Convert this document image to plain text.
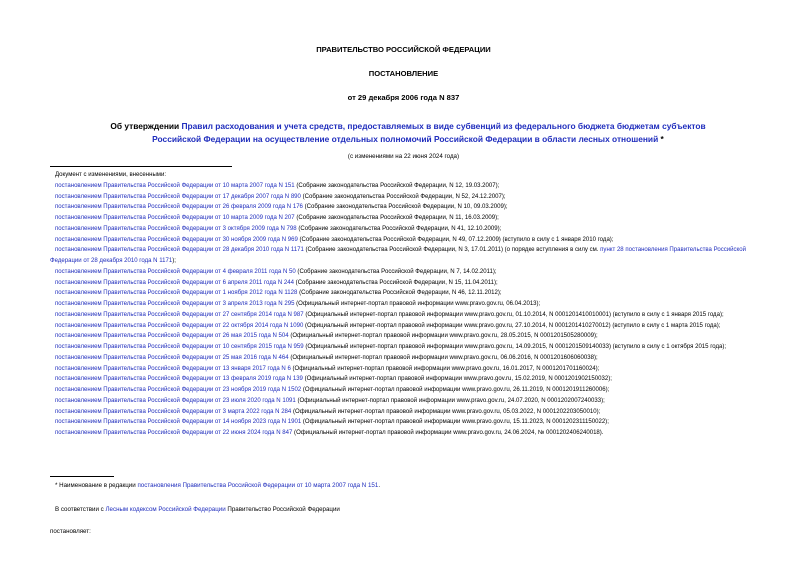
ПРАВИТЕЛЬСТВО РОССИЙСКОЙ ФЕДЕРАЦИИ
ПОСТАНОВЛЕНИЕ
от 29 декабря 2006 года N 837
Об утверждении Правил расходования и учета средств, предоставляемых в виде субвенций из федерального бюджета бюджетам субъектов Российской Федерации на осуществление отдельных полномочий Российской Федерации в области лесных отношений *
(с изменениями на 22 июня 2024 года)
Документ с изменениями, внесенными:
постановлением Правительства Российской Федерации от 10 марта 2007 года N 151 (Собрание законодательства Российской Федерации, N 12, 19.03.2007);
постановлением Правительства Российской Федерации от 17 декабря 2007 года N 890 (Собрание законодательства Российской Федерации, N 52, 24.12.2007);
постановлением Правительства Российской Федерации от 26 февраля 2009 года N 176 (Собрание законодательства Российской Федерации, N 10, 09.03.2009);
постановлением Правительства Российской Федерации от 10 марта 2009 года N 207 (Собрание законодательства Российской Федерации, N 11, 16.03.2009);
постановлением Правительства Российской Федерации от 3 октября 2009 года N 798 (Собрание законодательства Российской Федерации, N 41, 12.10.2009);
постановлением Правительства Российской Федерации от 30 ноября 2009 года N 969 (Собрание законодательства Российской Федерации, N 49, 07.12.2009) (вступило в силу с 1 января 2010 года);
постановлением Правительства Российской Федерации от 28 декабря 2010 года N 1171 (Собрание законодательства Российской Федерации, N 3, 17.01.2011) (о порядке вступления в силу см. пункт 28 постановления Правительства Российской Федерации от 28 декабря 2010 года N 1171);
постановлением Правительства Российской Федерации от 4 февраля 2011 года N 50 (Собрание законодательства Российской Федерации, N 7, 14.02.2011);
постановлением Правительства Российской Федерации от 6 апреля 2011 года N 244 (Собрание законодательства Российской Федерации, N 15, 11.04.2011);
постановлением Правительства Российской Федерации от 1 ноября 2012 года N 1128 (Собрание законодательства Российской Федерации, N 46, 12.11.2012);
постановлением Правительства Российской Федерации от 3 апреля 2013 года N 295 (Официальный интернет-портал правовой информации www.pravo.gov.ru, 06.04.2013);
постановлением Правительства Российской Федерации от 27 сентября 2014 года N 987 (Официальный интернет-портал правовой информации www.pravo.gov.ru, 01.10.2014, N 0001201410010001) (вступило в силу с 1 января 2015 года);
постановлением Правительства Российской Федерации от 22 октября 2014 года N 1090 (Официальный интернет-портал правовой информации www.pravo.gov.ru, 27.10.2014, N 0001201410270012) (вступило в силу с 1 марта 2015 года);
постановлением Правительства Российской Федерации от 26 мая 2015 года N 504 (Официальный интернет-портал правовой информации www.pravo.gov.ru, 28.05.2015, N 0001201505280009);
постановлением Правительства Российской Федерации от 10 сентября 2015 года N 959 (Официальный интернет-портал правовой информации www.pravo.gov.ru, 14.09.2015, N 0001201509140033) (вступило в силу с 1 октября 2015 года);
постановлением Правительства Российской Федерации от 25 мая 2016 года N 464 (Официальный интернет-портал правовой информации www.pravo.gov.ru, 06.06.2016, N 0001201606060038);
постановлением Правительства Российской Федерации от 13 января 2017 года N 6 (Официальный интернет-портал правовой информации www.pravo.gov.ru, 16.01.2017, N 0001201701160024);
постановлением Правительства Российской Федерации от 13 февраля 2019 года N 139 (Официальный интернет-портал правовой информации www.pravo.gov.ru, 15.02.2019, N 0001201902150032);
постановлением Правительства Российской Федерации от 23 ноября 2019 года N 1502 (Официальный интернет-портал правовой информации www.pravo.gov.ru, 26.11.2019, N 0001201911260006);
постановлением Правительства Российской Федерации от 23 июля 2020 года N 1091 (Официальный интернет-портал правовой информации www.pravo.gov.ru, 24.07.2020, N 0001202007240033);
постановлением Правительства Российской Федерации от 3 марта 2022 года N 284 (Официальный интернет-портал правовой информации www.pravo.gov.ru, 05.03.2022, N 0001202203050010);
постановлением Правительства Российской Федерации от 14 ноября 2023 года N 1901 (Официальный интернет-портал правовой информации www.pravo.gov.ru, 15.11.2023, N 0001202311150022);
постановлением Правительства Российской Федерации от 22 июня 2024 года N 847 (Официальный интернет-портал правовой информации www.pravo.gov.ru, 24.06.2024, № 0001202406240018).
* Наименование в редакции постановления Правительства Российской Федерации от 10 марта 2007 года N 151.
В соответствии с Лесным кодексом Российской Федерации Правительство Российской Федерации
постановляет:
